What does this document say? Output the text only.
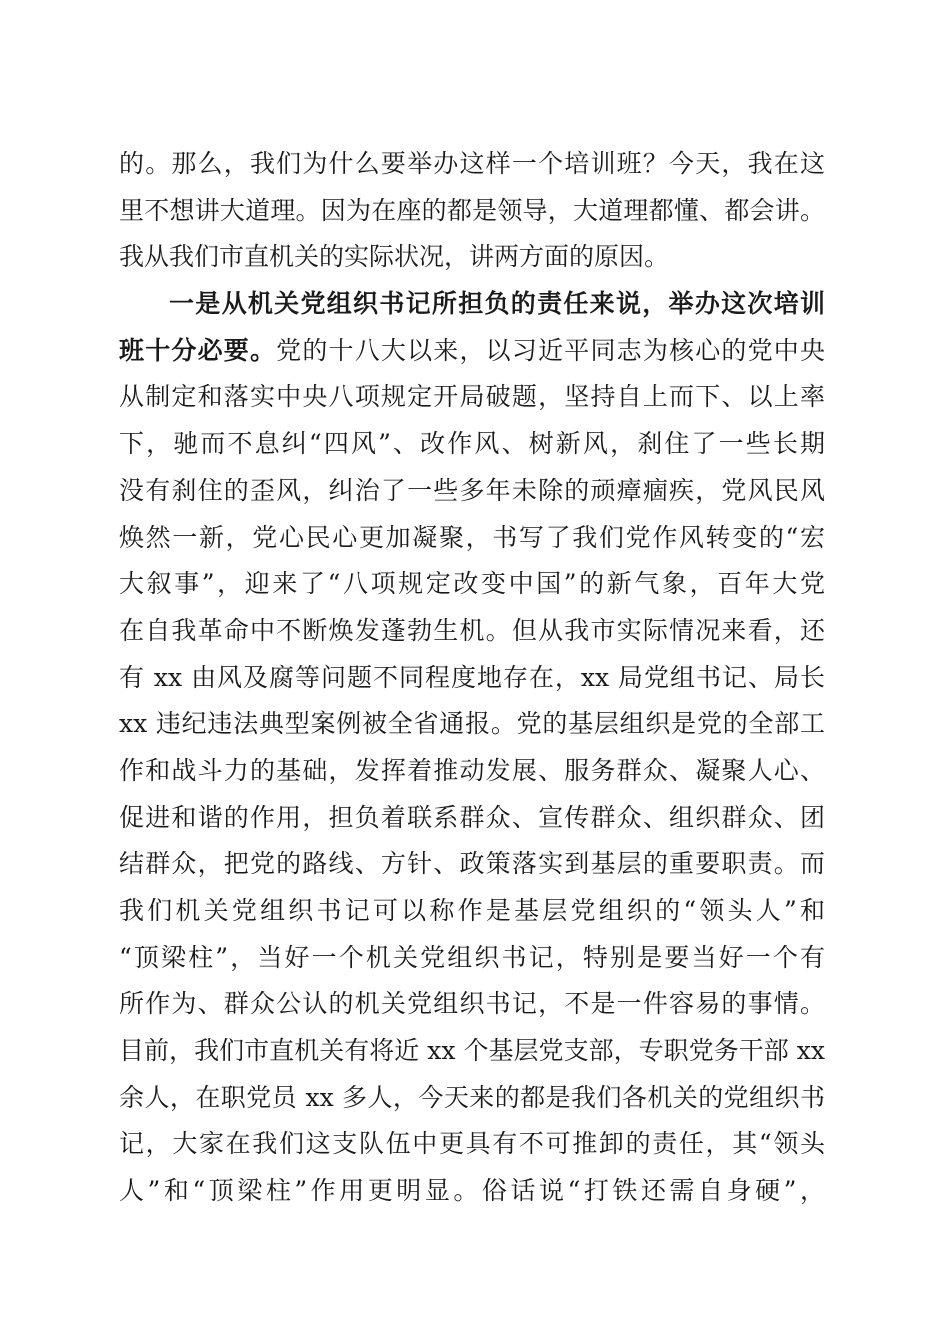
的。那么，我们为什么要举办这样一个培训班？今天，我在这
里不想讲大道理。因为在座的都是领导，大道理都懂、都会讲。
我从我们市直机关的实际状况，讲两方面的原因。
一是从机关党组织书记所担负的责任来说，举办这次培训
班十分必要。党的十八大以来，以习近平同志为核心的党中央
从制定和落实中央八项规定开局破题，坚持自上而下、以上率
下，驰而不息纠“四风”、改作风、树新风，刹住了一些长期
没有刹住的歪风，纠治了一些多年未除的顽瘴痼疾，党风民风
焕然一新，党心民心更加凝聚，书写了我们党作风转变的“宏
大叙事”，迎来了“八项规定改变中国”的新气象，百年大党
在自我革命中不断焕发蓬勃生机。但从我市实际情况来看，还
有 xx 由风及腐等问题不同程度地存在，xx 局党组书记、局长
xx 违纪违法典型案例被全省通报。党的基层组织是党的全部工
作和战斗力的基础，发挥着推动发展、服务群众、凝聚人心、
促进和谐的作用，担负着联系群众、宣传群众、组织群众、团
结群众，把党的路线、方针、政策落实到基层的重要职责。而
我们机关党组织书记可以称作是基层党组织的“领头人”和
“顶梁柱”，当好一个机关党组织书记，特别是要当好一个有
所作为、群众公认的机关党组织书记，不是一件容易的事情。
目前，我们市直机关有将近 xx 个基层党支部，专职党务干部 xx
余人，在职党员 xx 多人，今天来的都是我们各机关的党组织书
记，大家在我们这支队伍中更具有不可推卸的责任，其“领头
人”和“顶梁柱”作用更明显。俗话说“打铁还需自身硬”，
